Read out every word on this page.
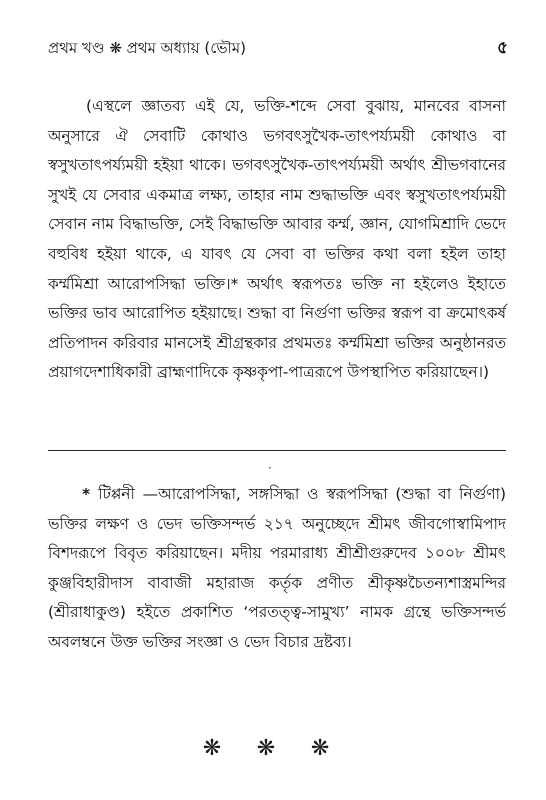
প্রথম খণ্ড ❋ প্রথম অধ্যায় (ভৌম)	৫

(এস্থলে জ্ঞাতব্য এই যে, ভক্তি-শব্দে সেবা বুঝায়, মানবের বাসনা অনুসারে ঐ সেবাটি কোথাও ভগবৎসুখৈক-তাৎপর্য্যময়ী কোথাও বা স্বসুখতাৎপর্য্যময়ী হইয়া থাকে। ভগবৎসুখৈক-তাৎপর্য্যময়ী অর্থাৎ শ্রীভগবানের সুখই যে সেবার একমাত্র লক্ষ্য, তাহার নাম শুদ্ধাভক্তি এবং স্বসুখতাৎপর্য্যময়ী সেবান নাম বিদ্ধাভক্তি, সেই বিদ্ধাভক্তি আবার কর্ম্ম, জ্ঞান, যোগমিশ্রাদি ভেদে বহুবিধ হইয়া থাকে, এ যাবৎ যে সেবা বা ভক্তির কথা বলা হইল তাহা কর্ম্মমিশ্রা আরোপসিদ্ধা ভক্তি।* অর্থাৎ স্বরূপতঃ ভক্তি না হইলেও ইহাতে ভক্তির ভাব আরোপিত হইয়াছে। শুদ্ধা বা নির্গুণা ভক্তির স্বরূপ বা ক্রমোৎকর্ষ প্রতিপাদন করিবার মানসেই শ্রীগ্রন্থকার প্রথমতঃ কর্ম্মমিশ্রা ভক্তির অনুষ্ঠানরত প্রয়াগদেশাধিকারী ব্রাহ্মণাদিকে কৃষ্ণকৃপা-পাত্ররূপে উপস্থাপিত করিয়াছেন।)

·

* টিপ্পনী —আরোপসিদ্ধা, সঙ্গসিদ্ধা ও স্বরূপসিদ্ধা (শুদ্ধা বা নির্গুণা) ভক্তির লক্ষণ ও ভেদ ভক্তিসন্দর্ভ ২১৭ অনুচ্ছেদে শ্রীমৎ জীবগোস্বামিপাদ বিশদরূপে বিবৃত করিয়াছেন। মদীয় পরমারাধ্য শ্রীশ্রীগুরুদেব ১০০৮ শ্রীমৎ কুঞ্জবিহারীদাস বাবাজী মহারাজ কর্তৃক প্রণীত শ্রীকৃষ্ণচৈতন্যশাস্ত্রমন্দির (শ্রীরাধাকুণ্ড) হইতে প্রকাশিত ‘পরতত্ত্ব-সামুখ্য’ নামক গ্রন্থে ভক্তিসন্দর্ভ অবলম্বনে উক্ত ভক্তির সংজ্ঞা ও ভেদ বিচার দ্রষ্টব্য।

❋ ❋ ❋
